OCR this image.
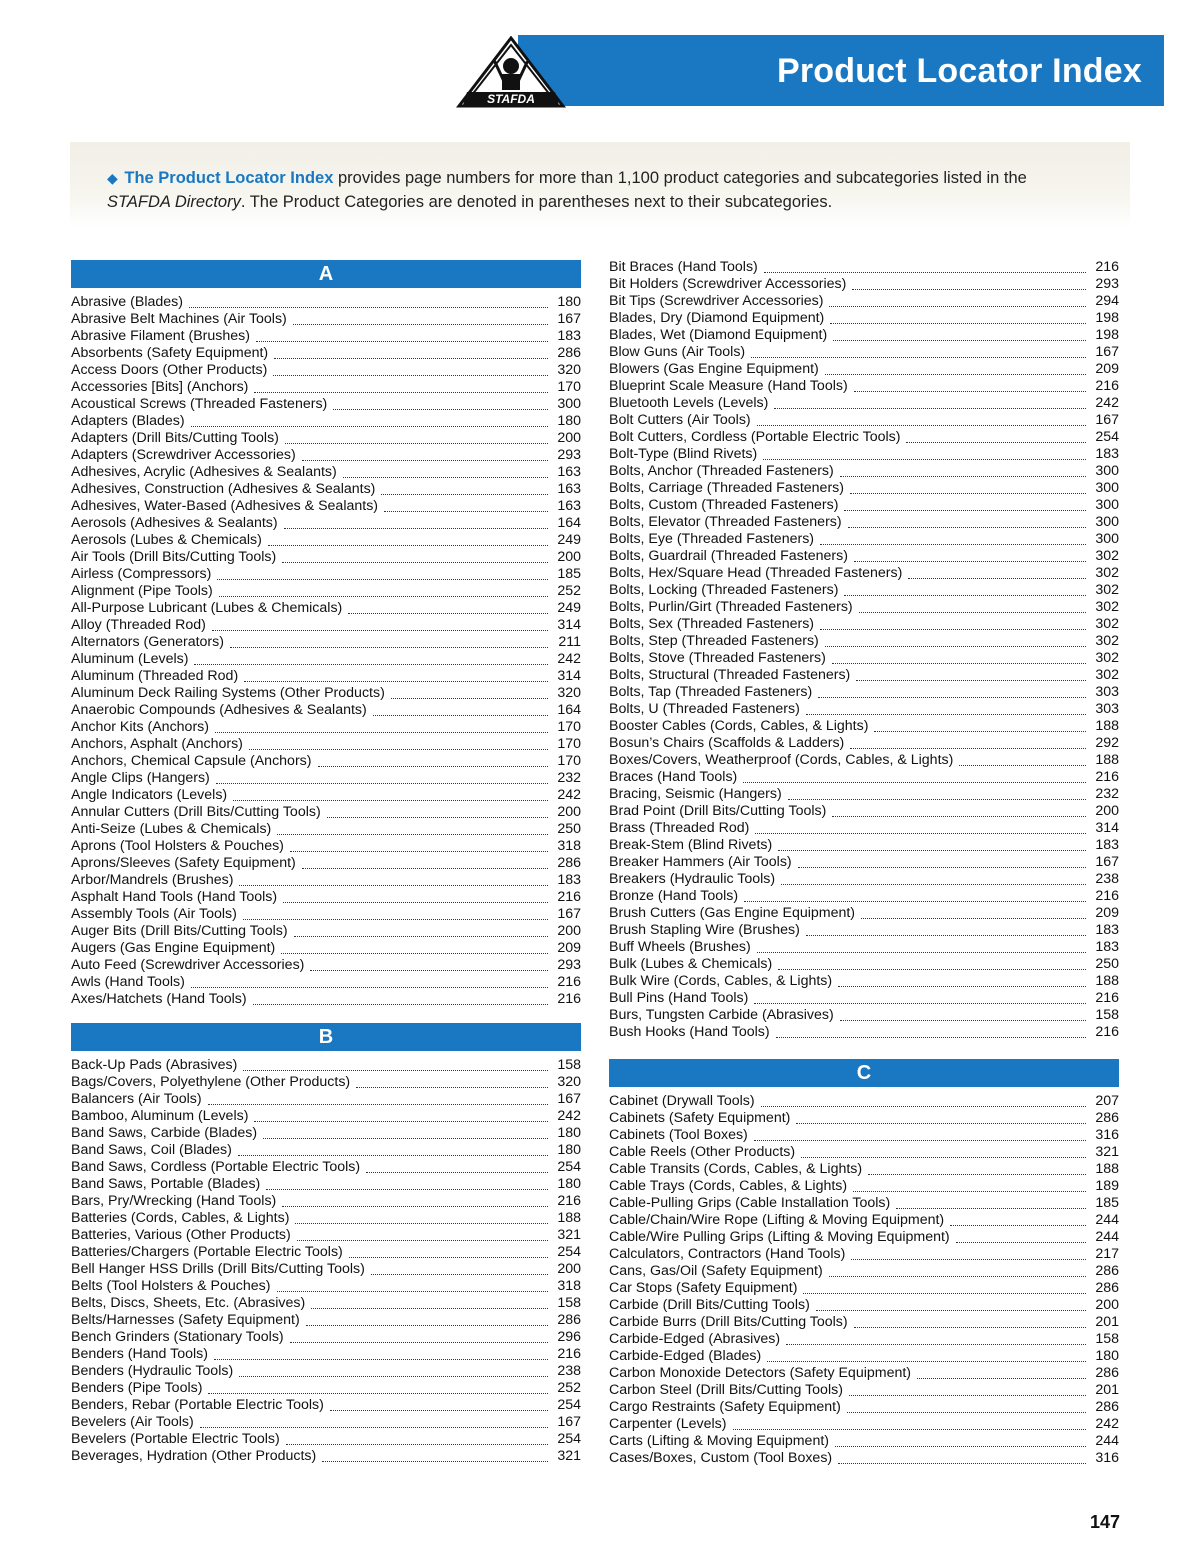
Product Locator Index
STAFDA

◆ The Product Locator Index provides page numbers for more than 1,100 product categories and subcategories listed in the STAFDA Directory. The Product Categories are denoted in parentheses next to their subcategories.

A
Abrasive (Blades)	180
Abrasive Belt Machines (Air Tools)	167
Abrasive Filament (Brushes)	183
Absorbents (Safety Equipment)	286
Access Doors (Other Products)	320
Accessories [Bits] (Anchors)	170
Acoustical Screws (Threaded Fasteners)	300
Adapters (Blades)	180
Adapters (Drill Bits/Cutting Tools)	200
Adapters (Screwdriver Accessories)	293
Adhesives, Acrylic (Adhesives & Sealants)	163
Adhesives, Construction (Adhesives & Sealants)	163
Adhesives, Water-Based (Adhesives & Sealants)	163
Aerosols (Adhesives & Sealants)	164
Aerosols (Lubes & Chemicals)	249
Air Tools (Drill Bits/Cutting Tools)	200
Airless (Compressors)	185
Alignment (Pipe Tools)	252
All-Purpose Lubricant (Lubes & Chemicals)	249
Alloy (Threaded Rod)	314
Alternators (Generators)	211
Aluminum (Levels)	242
Aluminum (Threaded Rod)	314
Aluminum Deck Railing Systems (Other Products)	320
Anaerobic Compounds (Adhesives & Sealants)	164
Anchor Kits (Anchors)	170
Anchors, Asphalt (Anchors)	170
Anchors, Chemical Capsule (Anchors)	170
Angle Clips (Hangers)	232
Angle Indicators (Levels)	242
Annular Cutters (Drill Bits/Cutting Tools)	200
Anti-Seize (Lubes & Chemicals)	250
Aprons (Tool Holsters & Pouches)	318
Aprons/Sleeves (Safety Equipment)	286
Arbor/Mandrels (Brushes)	183
Asphalt Hand Tools (Hand Tools)	216
Assembly Tools (Air Tools)	167
Auger Bits (Drill Bits/Cutting Tools)	200
Augers (Gas Engine Equipment)	209
Auto Feed (Screwdriver Accessories)	293
Awls (Hand Tools)	216
Axes/Hatchets (Hand Tools)	216
B
Back-Up Pads (Abrasives)	158
Bags/Covers, Polyethylene (Other Products)	320
Balancers (Air Tools)	167
Bamboo, Aluminum (Levels)	242
Band Saws, Carbide (Blades)	180
Band Saws, Coil (Blades)	180
Band Saws, Cordless (Portable Electric Tools)	254
Band Saws, Portable (Blades)	180
Bars, Pry/Wrecking (Hand Tools)	216
Batteries (Cords, Cables, & Lights)	188
Batteries, Various (Other Products)	321
Batteries/Chargers (Portable Electric Tools)	254
Bell Hanger HSS Drills (Drill Bits/Cutting Tools)	200
Belts (Tool Holsters & Pouches)	318
Belts, Discs, Sheets, Etc. (Abrasives)	158
Belts/Harnesses (Safety Equipment)	286
Bench Grinders (Stationary Tools)	296
Benders (Hand Tools)	216
Benders (Hydraulic Tools)	238
Benders (Pipe Tools)	252
Benders, Rebar (Portable Electric Tools)	254
Bevelers (Air Tools)	167
Bevelers (Portable Electric Tools)	254
Beverages, Hydration (Other Products)	321
Bit Braces (Hand Tools)	216
Bit Holders (Screwdriver Accessories)	293
Bit Tips (Screwdriver Accessories)	294
Blades, Dry (Diamond Equipment)	198
Blades, Wet (Diamond Equipment)	198
Blow Guns (Air Tools)	167
Blowers (Gas Engine Equipment)	209
Blueprint Scale Measure (Hand Tools)	216
Bluetooth Levels (Levels)	242
Bolt Cutters (Air Tools)	167
Bolt Cutters, Cordless (Portable Electric Tools)	254
Bolt-Type (Blind Rivets)	183
Bolts, Anchor (Threaded Fasteners)	300
Bolts, Carriage (Threaded Fasteners)	300
Bolts, Custom (Threaded Fasteners)	300
Bolts, Elevator (Threaded Fasteners)	300
Bolts, Eye (Threaded Fasteners)	300
Bolts, Guardrail (Threaded Fasteners)	302
Bolts, Hex/Square Head (Threaded Fasteners)	302
Bolts, Locking (Threaded Fasteners)	302
Bolts, Purlin/Girt (Threaded Fasteners)	302
Bolts, Sex (Threaded Fasteners)	302
Bolts, Step (Threaded Fasteners)	302
Bolts, Stove (Threaded Fasteners)	302
Bolts, Structural (Threaded Fasteners)	302
Bolts, Tap (Threaded Fasteners)	303
Bolts, U (Threaded Fasteners)	303
Booster Cables (Cords, Cables, & Lights)	188
Bosun’s Chairs (Scaffolds & Ladders)	292
Boxes/Covers, Weatherproof (Cords, Cables, & Lights)	188
Braces (Hand Tools)	216
Bracing, Seismic (Hangers)	232
Brad Point (Drill Bits/Cutting Tools)	200
Brass (Threaded Rod)	314
Break-Stem (Blind Rivets)	183
Breaker Hammers (Air Tools)	167
Breakers (Hydraulic Tools)	238
Bronze (Hand Tools)	216
Brush Cutters (Gas Engine Equipment)	209
Brush Stapling Wire (Brushes)	183
Buff Wheels (Brushes)	183
Bulk (Lubes & Chemicals)	250
Bulk Wire (Cords, Cables, & Lights)	188
Bull Pins (Hand Tools)	216
Burs, Tungsten Carbide (Abrasives)	158
Bush Hooks (Hand Tools)	216
C
Cabinet (Drywall Tools)	207
Cabinets (Safety Equipment)	286
Cabinets (Tool Boxes)	316
Cable Reels (Other Products)	321
Cable Transits (Cords, Cables, & Lights)	188
Cable Trays (Cords, Cables, & Lights)	189
Cable-Pulling Grips (Cable Installation Tools)	185
Cable/Chain/Wire Rope (Lifting & Moving Equipment)	244
Cable/Wire Pulling Grips (Lifting & Moving Equipment)	244
Calculators, Contractors (Hand Tools)	217
Cans, Gas/Oil (Safety Equipment)	286
Car Stops (Safety Equipment)	286
Carbide (Drill Bits/Cutting Tools)	200
Carbide Burrs (Drill Bits/Cutting Tools)	201
Carbide-Edged (Abrasives)	158
Carbide-Edged (Blades)	180
Carbon Monoxide Detectors (Safety Equipment)	286
Carbon Steel (Drill Bits/Cutting Tools)	201
Cargo Restraints (Safety Equipment)	286
Carpenter (Levels)	242
Carts (Lifting & Moving Equipment)	244
Cases/Boxes, Custom (Tool Boxes)	316

147
